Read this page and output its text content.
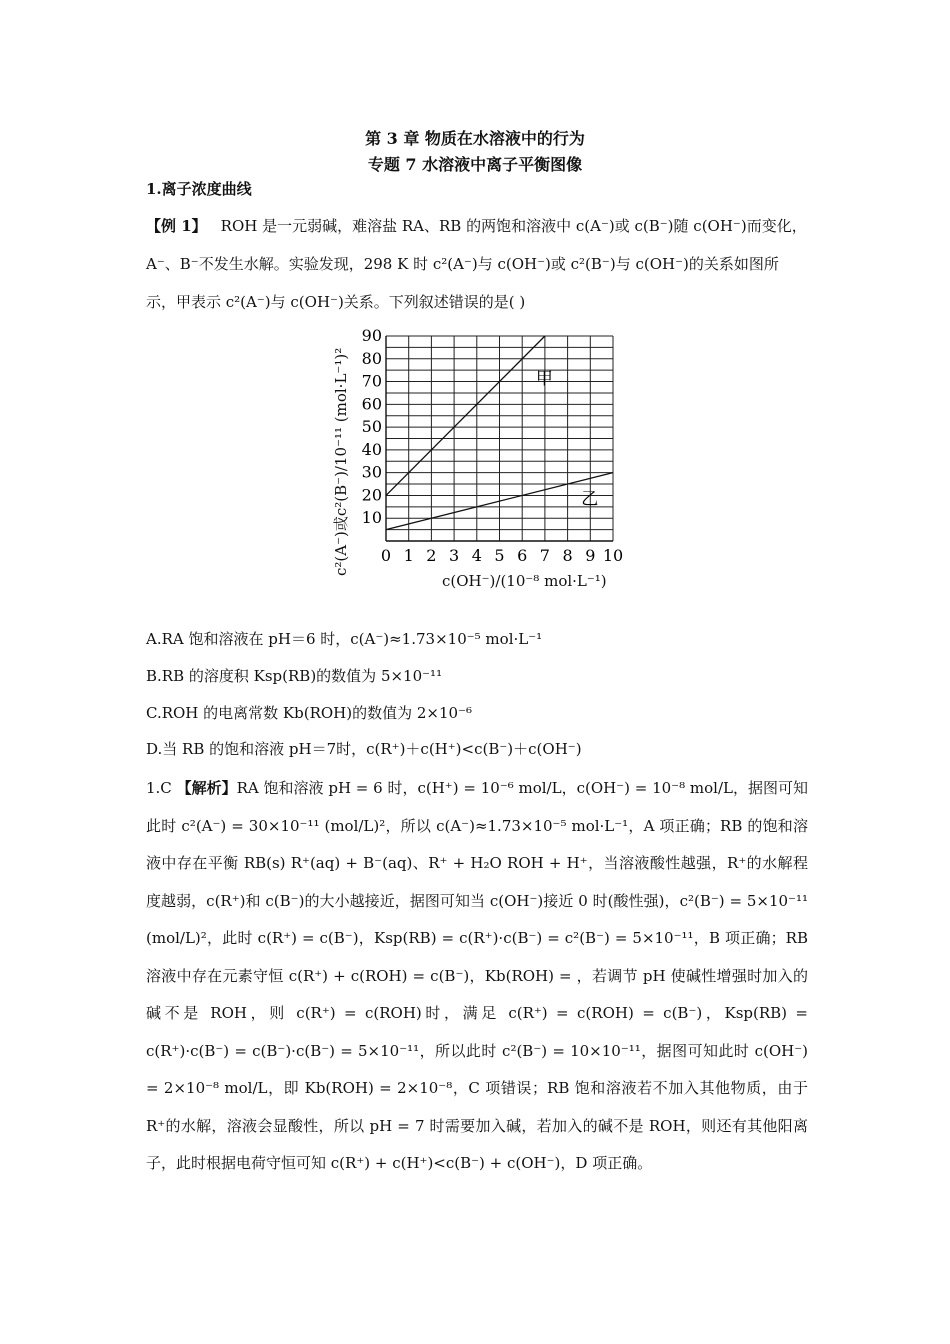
第 3 章 物质在水溶液中的行为
专题 7 水溶液中离子平衡图像
1.离子浓度曲线
【例 1】 ROH 是一元弱碱，难溶盐 RA、RB 的两饱和溶液中 c(A⁻)或 c(B⁻)随 c(OH⁻)而变化，A⁻、B⁻不发生水解。实验发现，298 K 时 c²(A⁻)与 c(OH⁻)或 c²(B⁻)与 c(OH⁻)的关系如图所示，甲表示 c²(A⁻)与 c(OH⁻)关系。下列叙述错误的是( )
10
20
30
40
50
60
70
80
90
0 1 2 3 4 5 6 7 8 9 10
甲
乙
c²(A⁻)或c²(B⁻)/10⁻¹¹ (mol·L⁻¹)²
c(OH⁻)/(10⁻⁸ mol·L⁻¹)
A.RA 饱和溶液在 pH＝6 时，c(A⁻)≈1.73×10⁻⁵ mol·L⁻¹
B.RB 的溶度积 Ksp(RB)的数值为 5×10⁻¹¹
C.ROH 的电离常数 Kb(ROH)的数值为 2×10⁻⁶
D.当 RB 的饱和溶液 pH＝7时，c(R⁺)＋c(H⁺)<c(B⁻)＋c(OH⁻)
1.C 【解析】RA 饱和溶液 pH = 6 时，c(H⁺) = 10⁻⁶ mol/L，c(OH⁻) = 10⁻⁸ mol/L，据图可知此时 c²(A⁻) = 30×10⁻¹¹ (mol/L)²，所以 c(A⁻)≈1.73×10⁻⁵ mol·L⁻¹，A 项正确；RB 的饱和溶液中存在平衡 RB(s) R⁺(aq) + B⁻(aq)、R⁺ + H₂O ROH + H⁺，当溶液酸性越强，R⁺的水解程度越弱，c(R⁺)和 c(B⁻)的大小越接近，据图可知当 c(OH⁻)接近 0 时(酸性强)，c²(B⁻) = 5×10⁻¹¹ (mol/L)²，此时 c(R⁺) = c(B⁻)，Ksp(RB) = c(R⁺)·c(B⁻) = c²(B⁻) = 5×10⁻¹¹，B 项正确；RB 溶液中存在元素守恒 c(R⁺) + c(ROH) = c(B⁻)，Kb(ROH) = ，若调节 pH 使碱性增强时加入的碱不是 ROH，则 c(R⁺) = c(ROH)时，满足 c(R⁺) = c(ROH) = c(B⁻)，Ksp(RB) = c(R⁺)·c(B⁻) = c(B⁻)·c(B⁻) = 5×10⁻¹¹，所以此时 c²(B⁻) = 10×10⁻¹¹，据图可知此时 c(OH⁻) = 2×10⁻⁸ mol/L，即 Kb(ROH) = 2×10⁻⁸，C 项错误；RB 饱和溶液若不加入其他物质，由于 R⁺的水解，溶液会显酸性，所以 pH = 7 时需要加入碱，若加入的碱不是 ROH，则还有其他阳离子，此时根据电荷守恒可知 c(R⁺) + c(H⁺)<c(B⁻) + c(OH⁻)，D 项正确。
